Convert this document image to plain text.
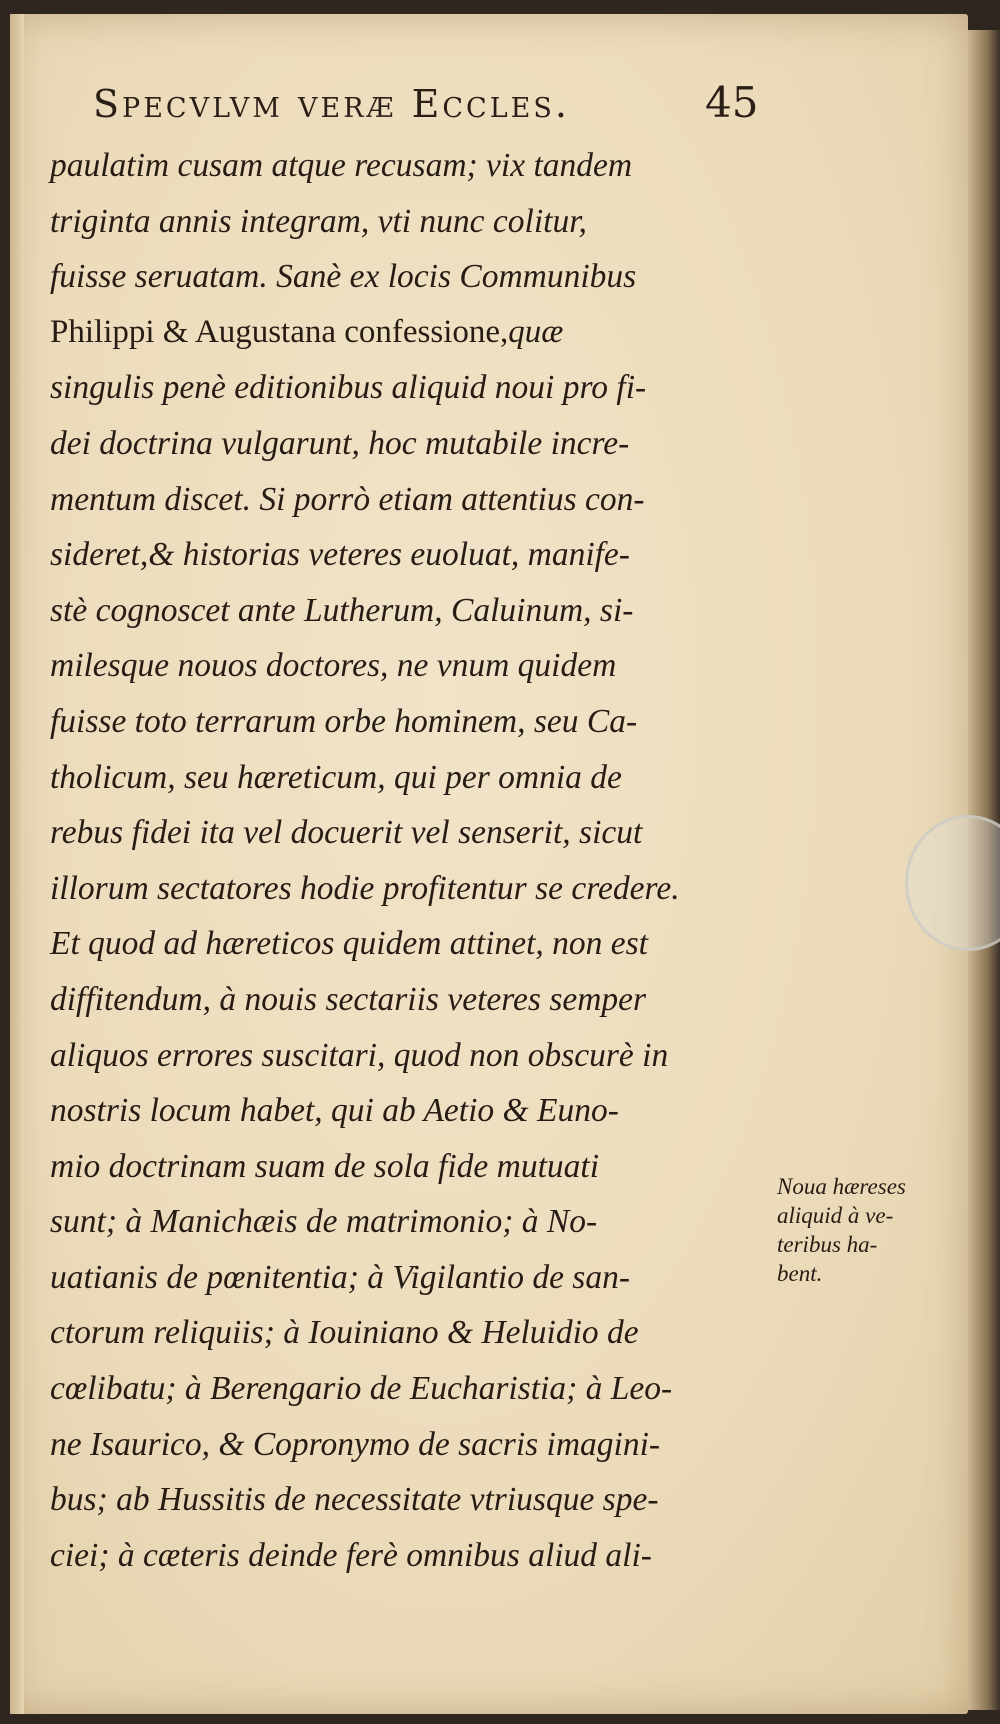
Specvlvm veræ Eccles.	45
paulatim cusam atque recusam; vix tandem
triginta annis integram, vti nunc colitur,
fuisse seruatam. Sanè ex locis Communibus
Philippi & Augustana confessione,quæ
singulis penè editionibus aliquid noui pro fi-
dei doctrina vulgarunt, hoc mutabile incre-
mentum discet. Si porrò etiam attentius con-
sideret,& historias veteres euoluat, manife-
stè cognoscet ante Lutherum, Caluinum, si-
milesque nouos doctores, ne vnum quidem
fuisse toto terrarum orbe hominem, seu Ca-
tholicum, seu hæreticum, qui per omnia de
rebus fidei ita vel docuerit vel senserit, sicut
illorum sectatores hodie profitentur se credere.
Et quod ad hæreticos quidem attinet, non est
diffitendum, à nouis sectariis veteres semper
aliquos errores suscitari, quod non obscurè in
nostris locum habet, qui ab Aetio & Euno-
mio doctrinam suam de sola fide mutuati
sunt; à Manichæis de matrimonio; à No-
uatianis de pœnitentia; à Vigilantio de san-
ctorum reliquiis; à Iouiniano & Heluidio de
cœlibatu; à Berengario de Eucharistia; à Leo-
ne Isaurico, & Copronymo de sacris imagini-
bus; ab Hussitis de necessitate vtriusque spe-
ciei; à cæteris deinde ferè omnibus aliud ali-
Noua hæreses
aliquid à ve-
teribus ha-
bent.
